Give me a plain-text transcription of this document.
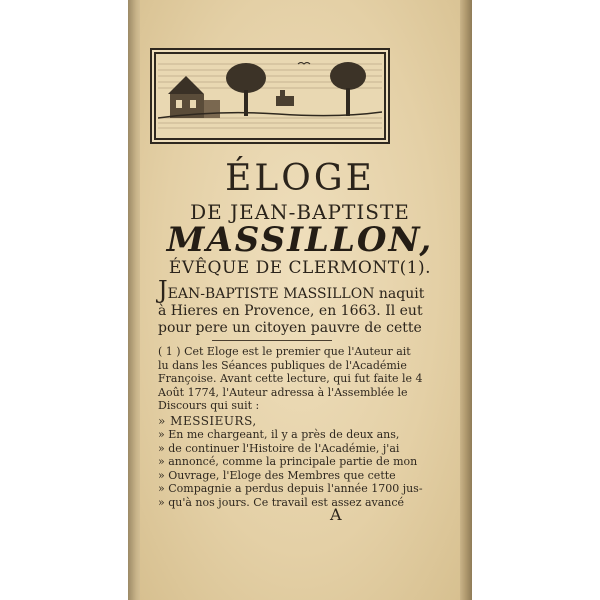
ÉLOGE
DE JEAN-BAPTISTE
MASSILLON,
ÉVÊQUE DE CLERMONT(1).
JEAN-BAPTISTE MASSILLON naquit
à Hieres en Provence, en 1663. Il eut
pour pere un citoyen pauvre de cette
( 1 ) Cet Eloge est le premier que l'Auteur ait
lu dans les Séances publiques de l'Académie
Françoise. Avant cette lecture, qui fut faite le 4
Août 1774, l'Auteur adressa à l'Assemblée le
Discours qui suit :
» MESSIEURS,
» En me chargeant, il y a près de deux ans,
» de continuer l'Histoire de l'Académie, j'ai
» annoncé, comme la principale partie de mon
» Ouvrage, l'Eloge des Membres que cette
» Compagnie a perdus depuis l'année 1700 jus-
» qu'à nos jours. Ce travail est assez avancé
A
